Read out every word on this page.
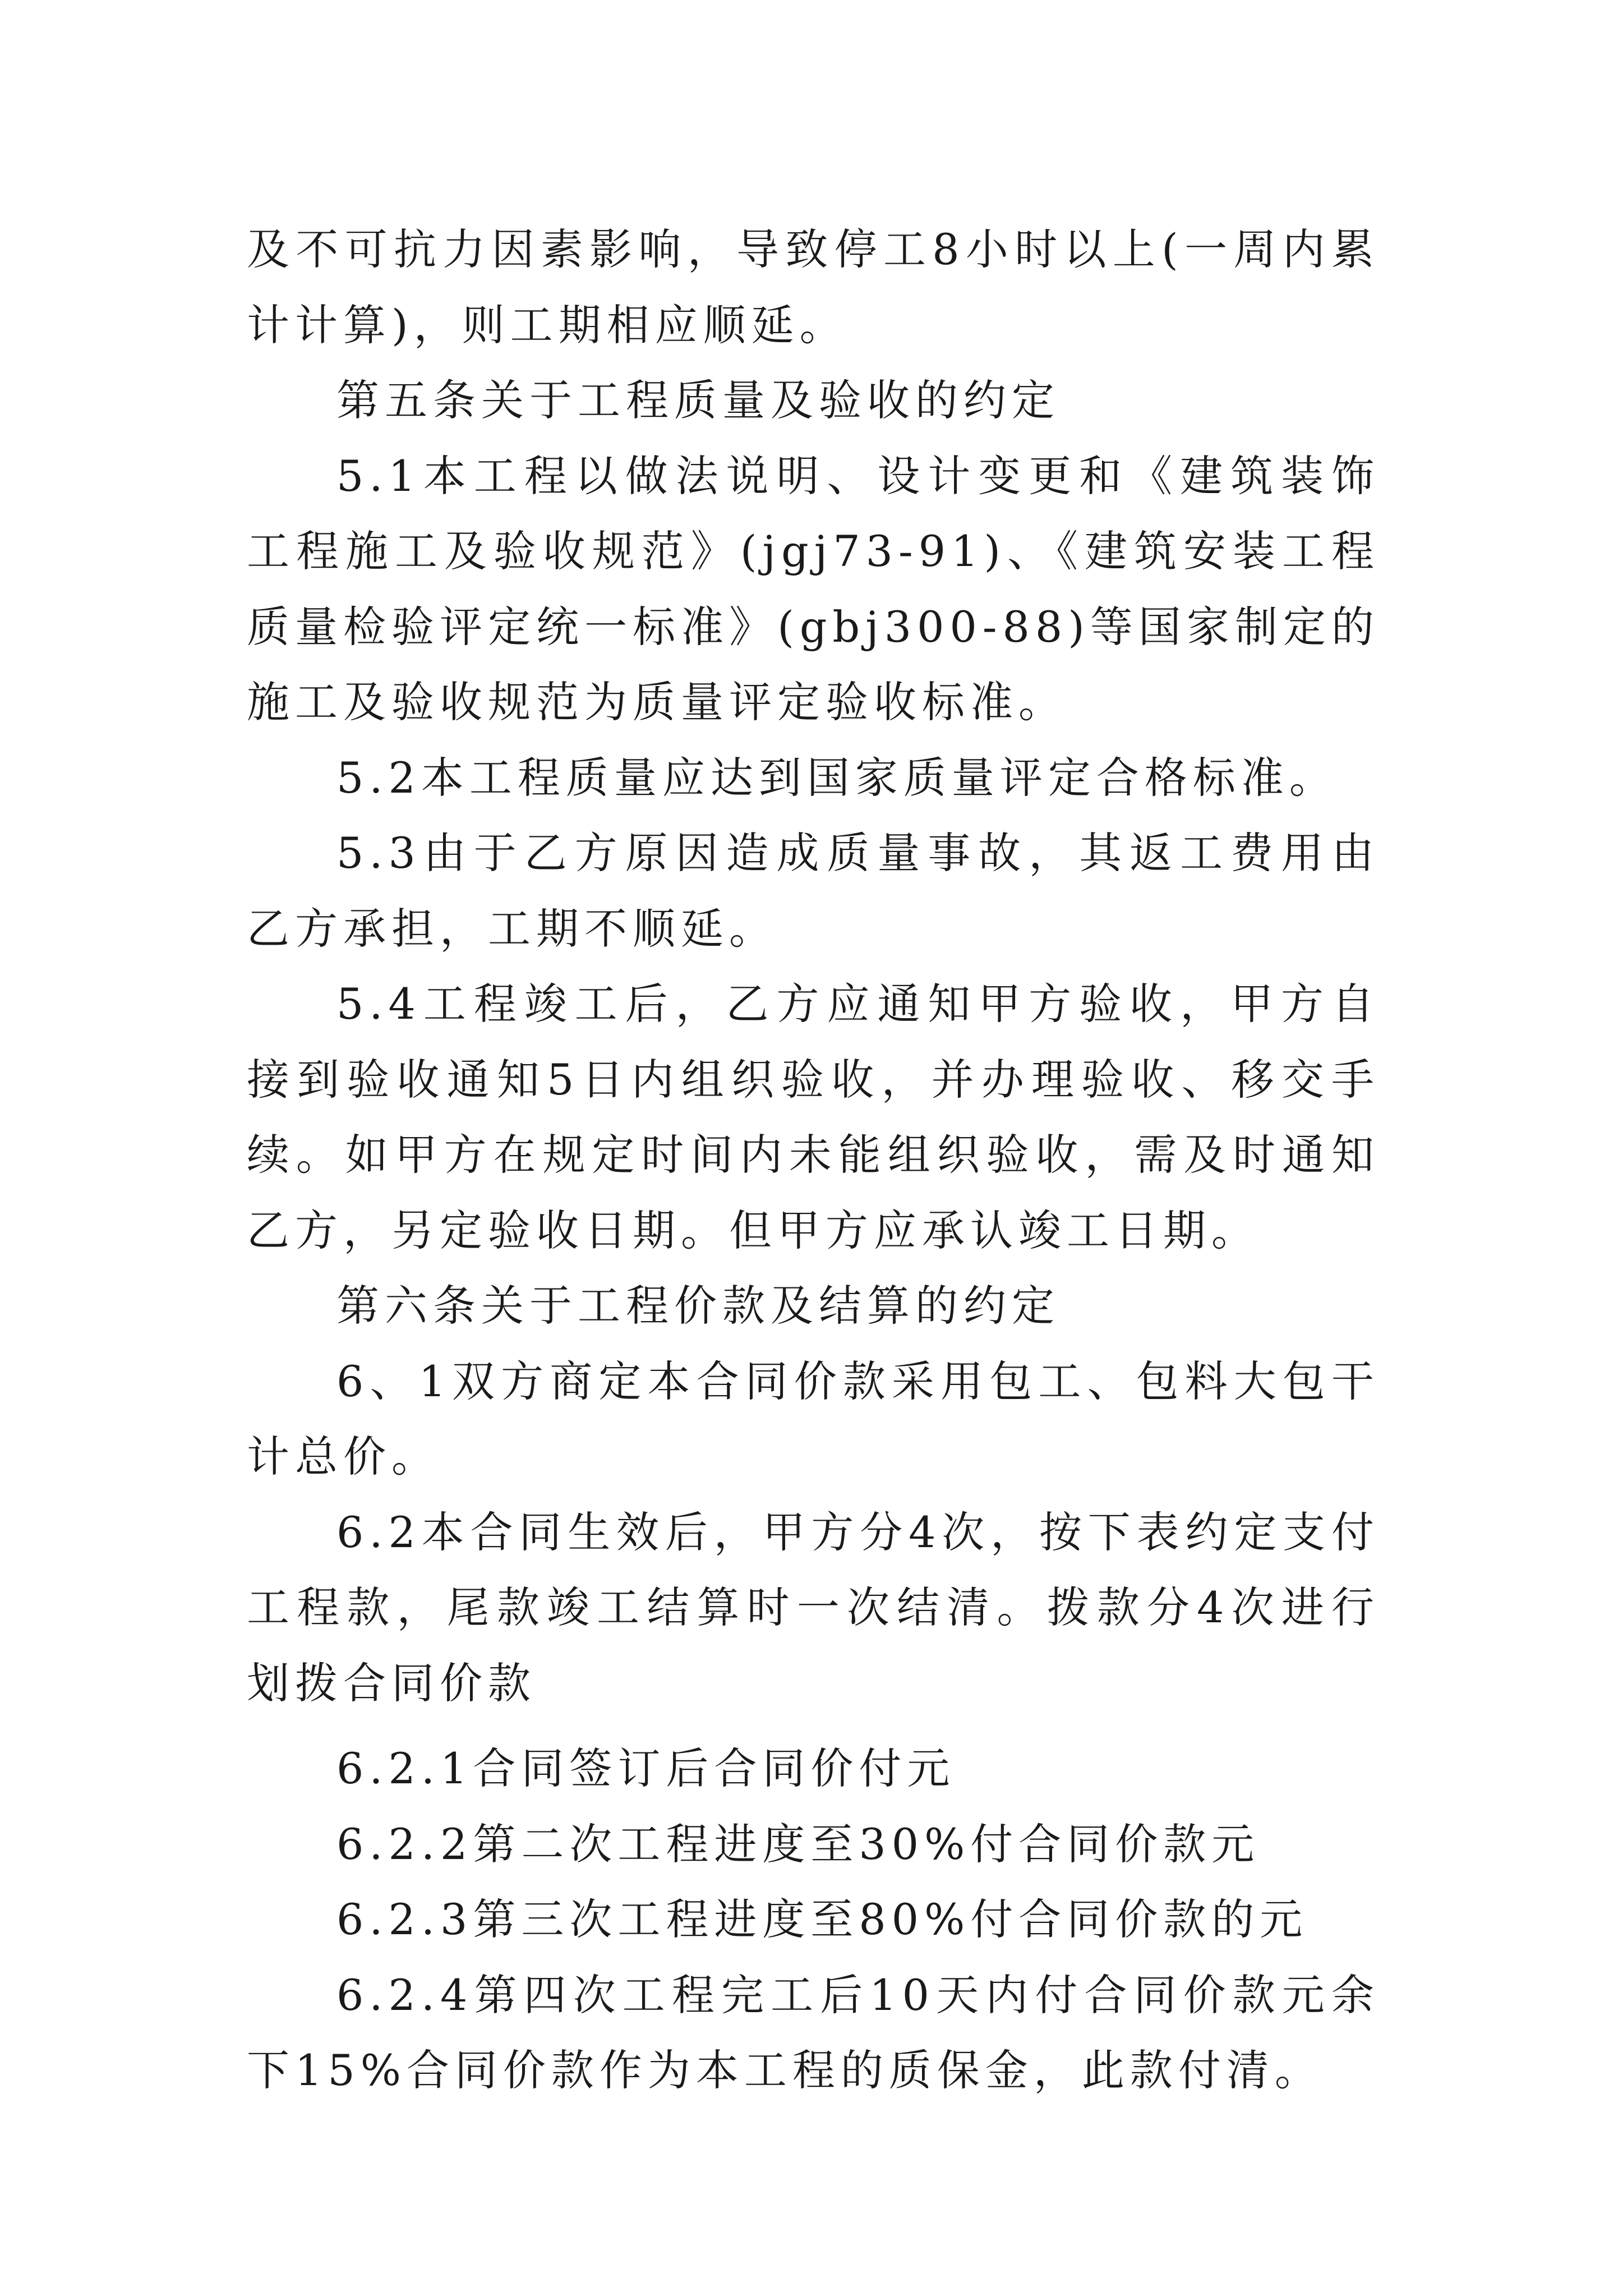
及不可抗力因素影响，导致停工8小时以上(一周内累计计算)，则工期相应顺延。

第五条关于工程质量及验收的约定

5.1本工程以做法说明、设计变更和《建筑装饰工程施工及验收规范》(jgj73-91)、《建筑安装工程质量检验评定统一标准》(gbj300-88)等国家制定的施工及验收规范为质量评定验收标准。

5.2本工程质量应达到国家质量评定合格标准。

5.3由于乙方原因造成质量事故，其返工费用由乙方承担，工期不顺延。

5.4工程竣工后，乙方应通知甲方验收，甲方自接到验收通知5日内组织验收，并办理验收、移交手续。如甲方在规定时间内未能组织验收，需及时通知乙方，另定验收日期。但甲方应承认竣工日期。

第六条关于工程价款及结算的约定

6、1双方商定本合同价款采用包工、包料大包干计总价。

6.2本合同生效后，甲方分4次，按下表约定支付工程款，尾款竣工结算时一次结清。拨款分4次进行划拨合同价款

6.2.1合同签订后合同价付元

6.2.2第二次工程进度至30%付合同价款元

6.2.3第三次工程进度至80%付合同价款的元

6.2.4第四次工程完工后10天内付合同价款元余下15%合同价款作为本工程的质保金，此款付清。
